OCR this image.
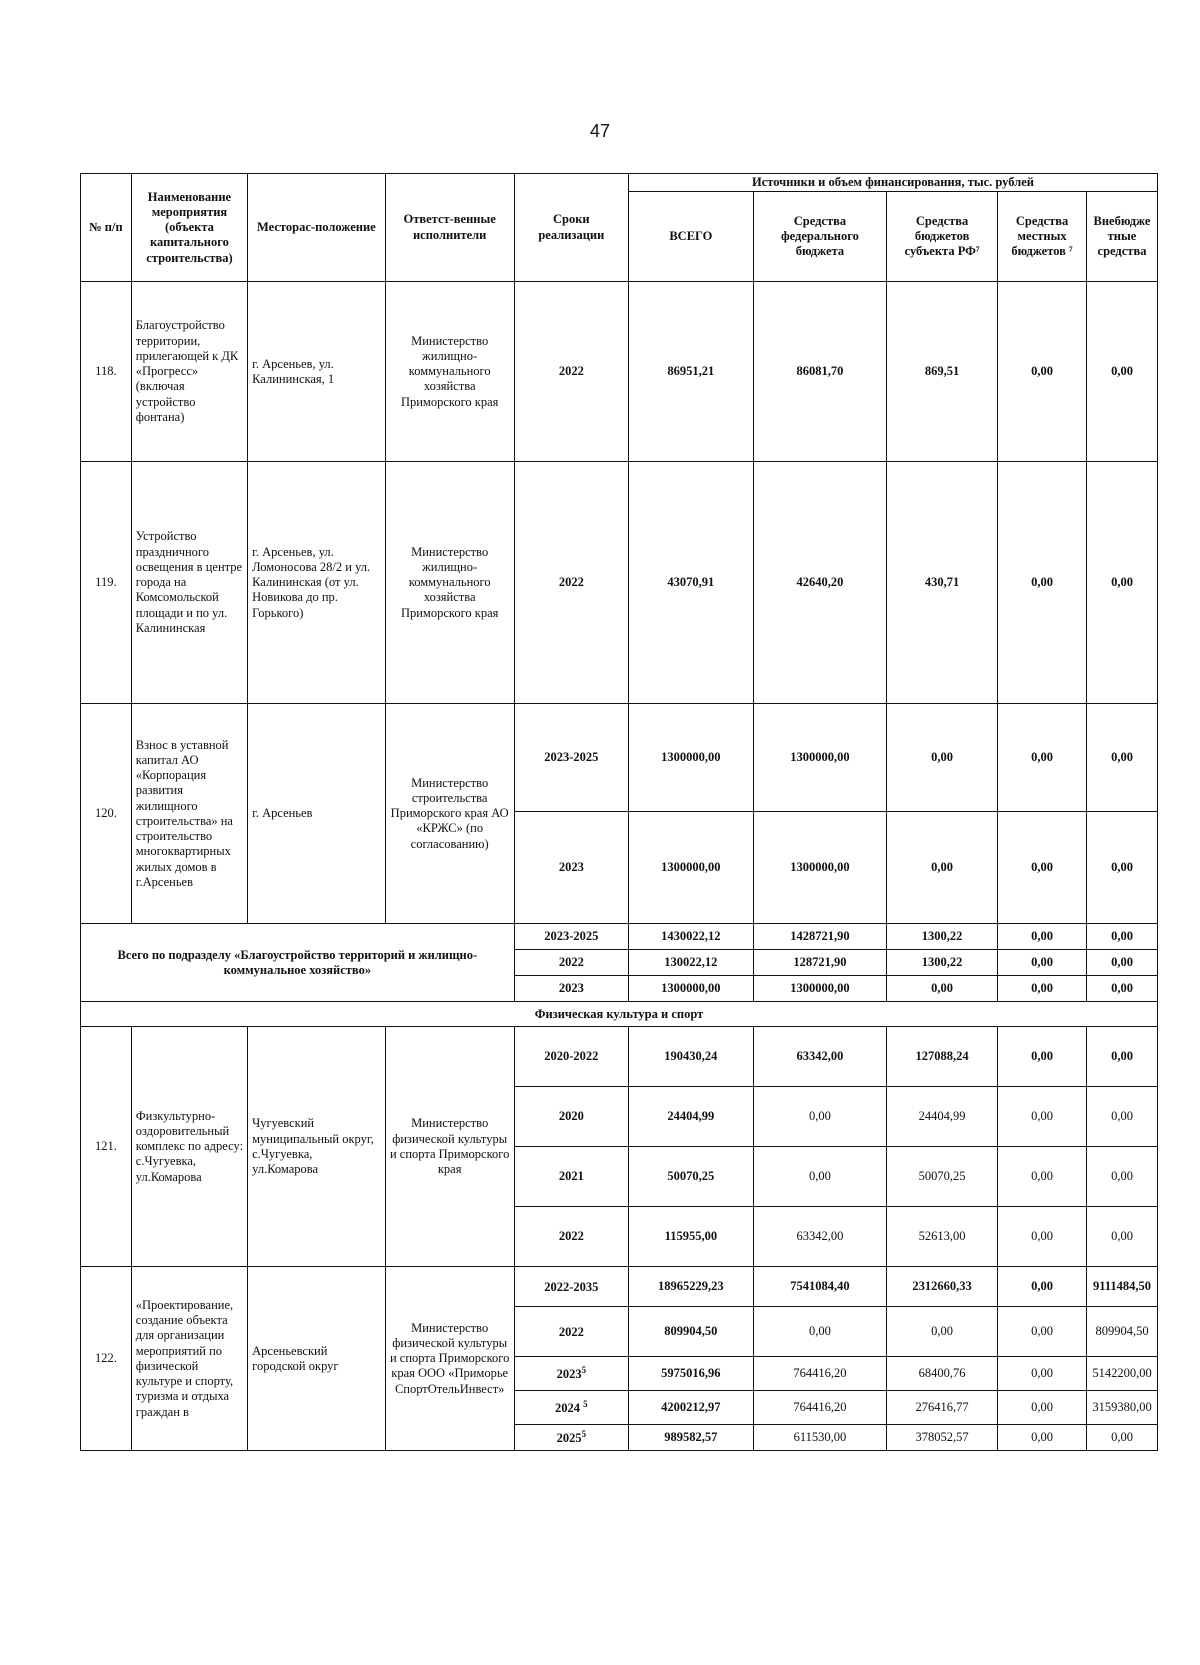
47
№ п/п	Наименование мероприятия (объекта капитального строительства)	Месторас-положение	Ответст-венные исполнители	Сроки реализации	Источники и объем финансирования, тыс. рублей				
					ВСЕГО	Средства федерального бюджета	Средства бюджетов субъекта РФ⁷	Средства местных бюджетов ⁷	Внебюджетные средства
118.	Благоустройство территории, прилегающей к ДК «Прогресс» (включая устройство фонтана)	г. Арсеньев, ул. Калининская, 1	Министерство жилищно-коммунального хозяйства Приморского края	2022	86951,21	86081,70	869,51	0,00	0,00
119.	Устройство праздничного освещения в центре города на Комсомольской площади и по ул. Калининская	г. Арсеньев, ул. Ломоносова 28/2 и ул. Калининская (от ул. Новикова до пр. Горького)	Министерство жилищно-коммунального хозяйства Приморского края	2022	43070,91	42640,20	430,71	0,00	0,00
120.	Взнос в уставной капитал АО «Корпорация развития жилищного строительства» на строительство многоквартирных жилых домов в г.Арсеньев	г. Арсеньев	Министерство строительства Приморского края АО «КРЖС» (по согласованию)	2023-2025	1300000,00	1300000,00	0,00	0,00	0,00
				2023	1300000,00	1300000,00	0,00	0,00	0,00
Всего по подразделу «Благоустройство территорий и жилищно-коммунальное хозяйство»				2023-2025	1430022,12	1428721,90	1300,22	0,00	0,00
				2022	130022,12	128721,90	1300,22	0,00	0,00
				2023	1300000,00	1300000,00	0,00	0,00	0,00
Физическая культура и спорт									
121.	Физкультурно-оздоровительный комплекс по адресу: с.Чугуевка, ул.Комарова	Чугуевский муниципальный округ, с.Чугуевка, ул.Комарова	Министерство физической культуры и спорта Приморского края	2020-2022	190430,24	63342,00	127088,24	0,00	0,00
				2020	24404,99	0,00	24404,99	0,00	0,00
				2021	50070,25	0,00	50070,25	0,00	0,00
				2022	115955,00	63342,00	52613,00	0,00	0,00
122.	«Проектирование, создание объекта для организации мероприятий по физической культуре и спорту, туризма и отдыха граждан в	Арсеньевский городской округ	Министерство физической культуры и спорта Приморского края ООО «Приморье СпортОтельИнвест»	2022-2035	18965229,23	7541084,40	2312660,33	0,00	9111484,50
				2022	809904,50	0,00	0,00	0,00	809904,50
				2023$^5$	5975016,96	764416,20	68400,76	0,00	5142200,00
				2024 $^5$	4200212,97	764416,20	276416,77	0,00	3159380,00
				2025$^5$	989582,57	611530,00	378052,57	0,00	0,00
